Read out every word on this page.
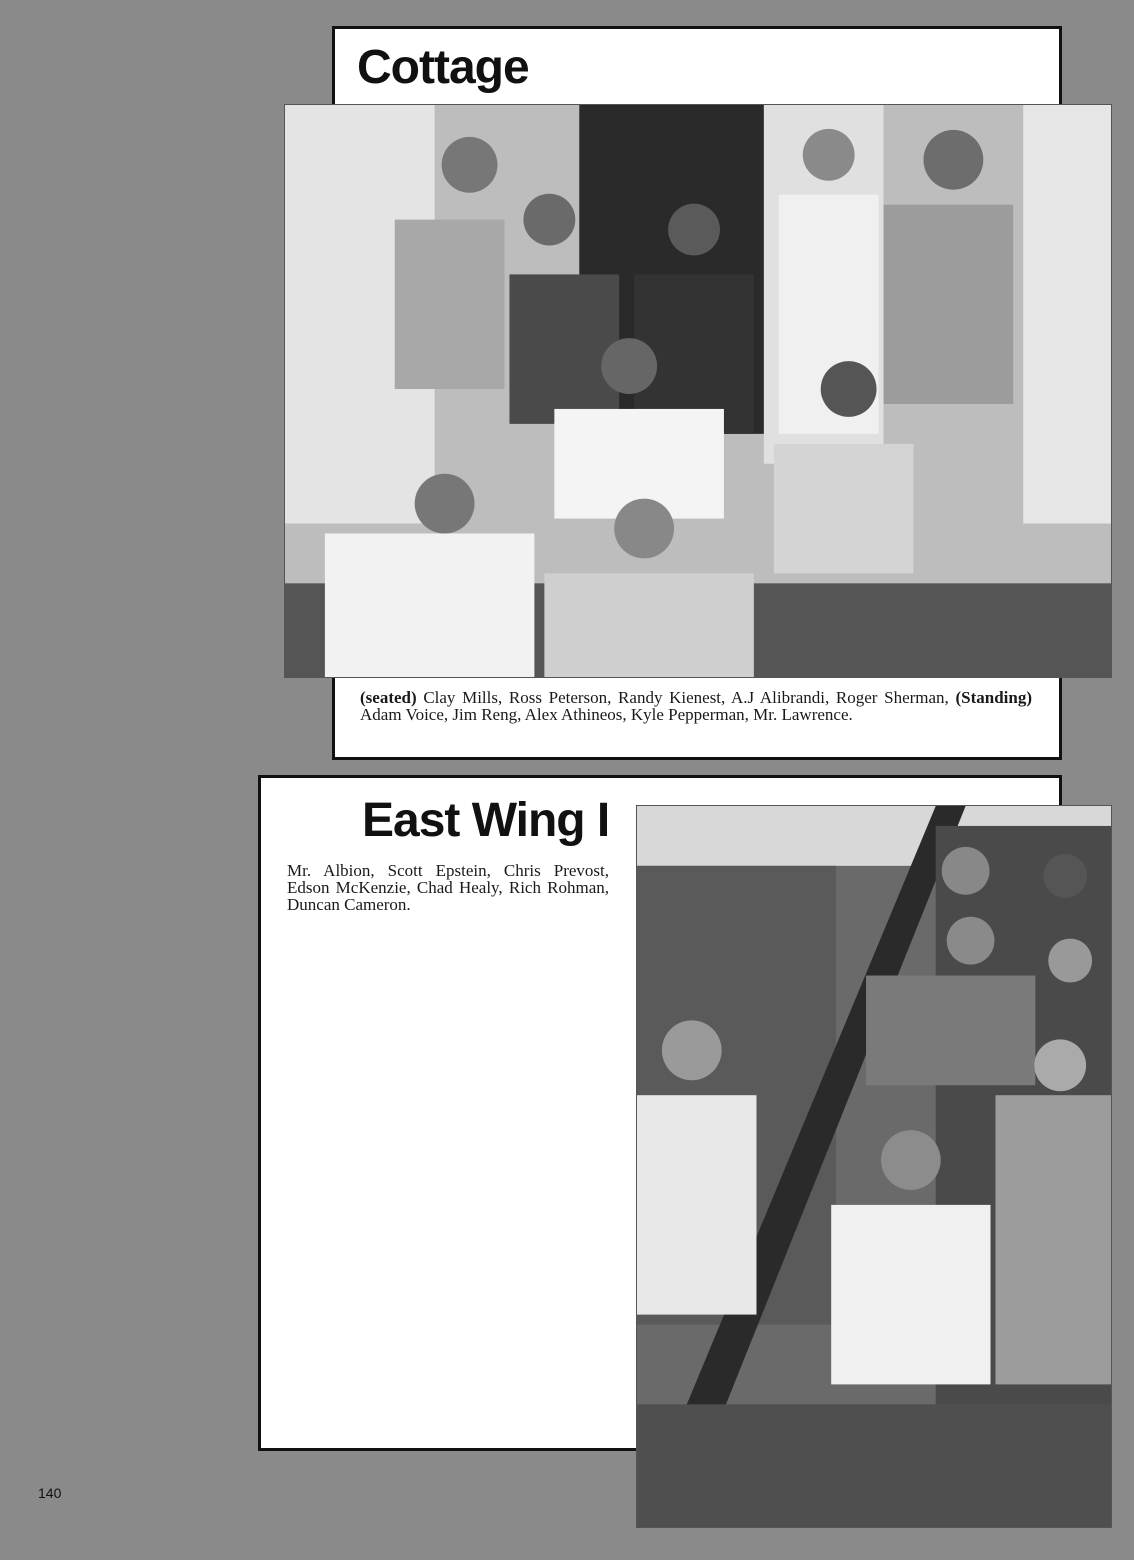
Cottage

(seated) Clay Mills, Ross Peterson, Randy Kienest, A.J Alibrandi, Roger Sherman, (Standing) Adam Voice, Jim Reng, Alex Athineos, Kyle Pepperman, Mr. Lawrence.

East Wing I

Mr. Albion, Scott Epstein, Chris Prevost, Edson McKenzie, Chad Healy, Rich Rohman, Duncan Cameron.

140
